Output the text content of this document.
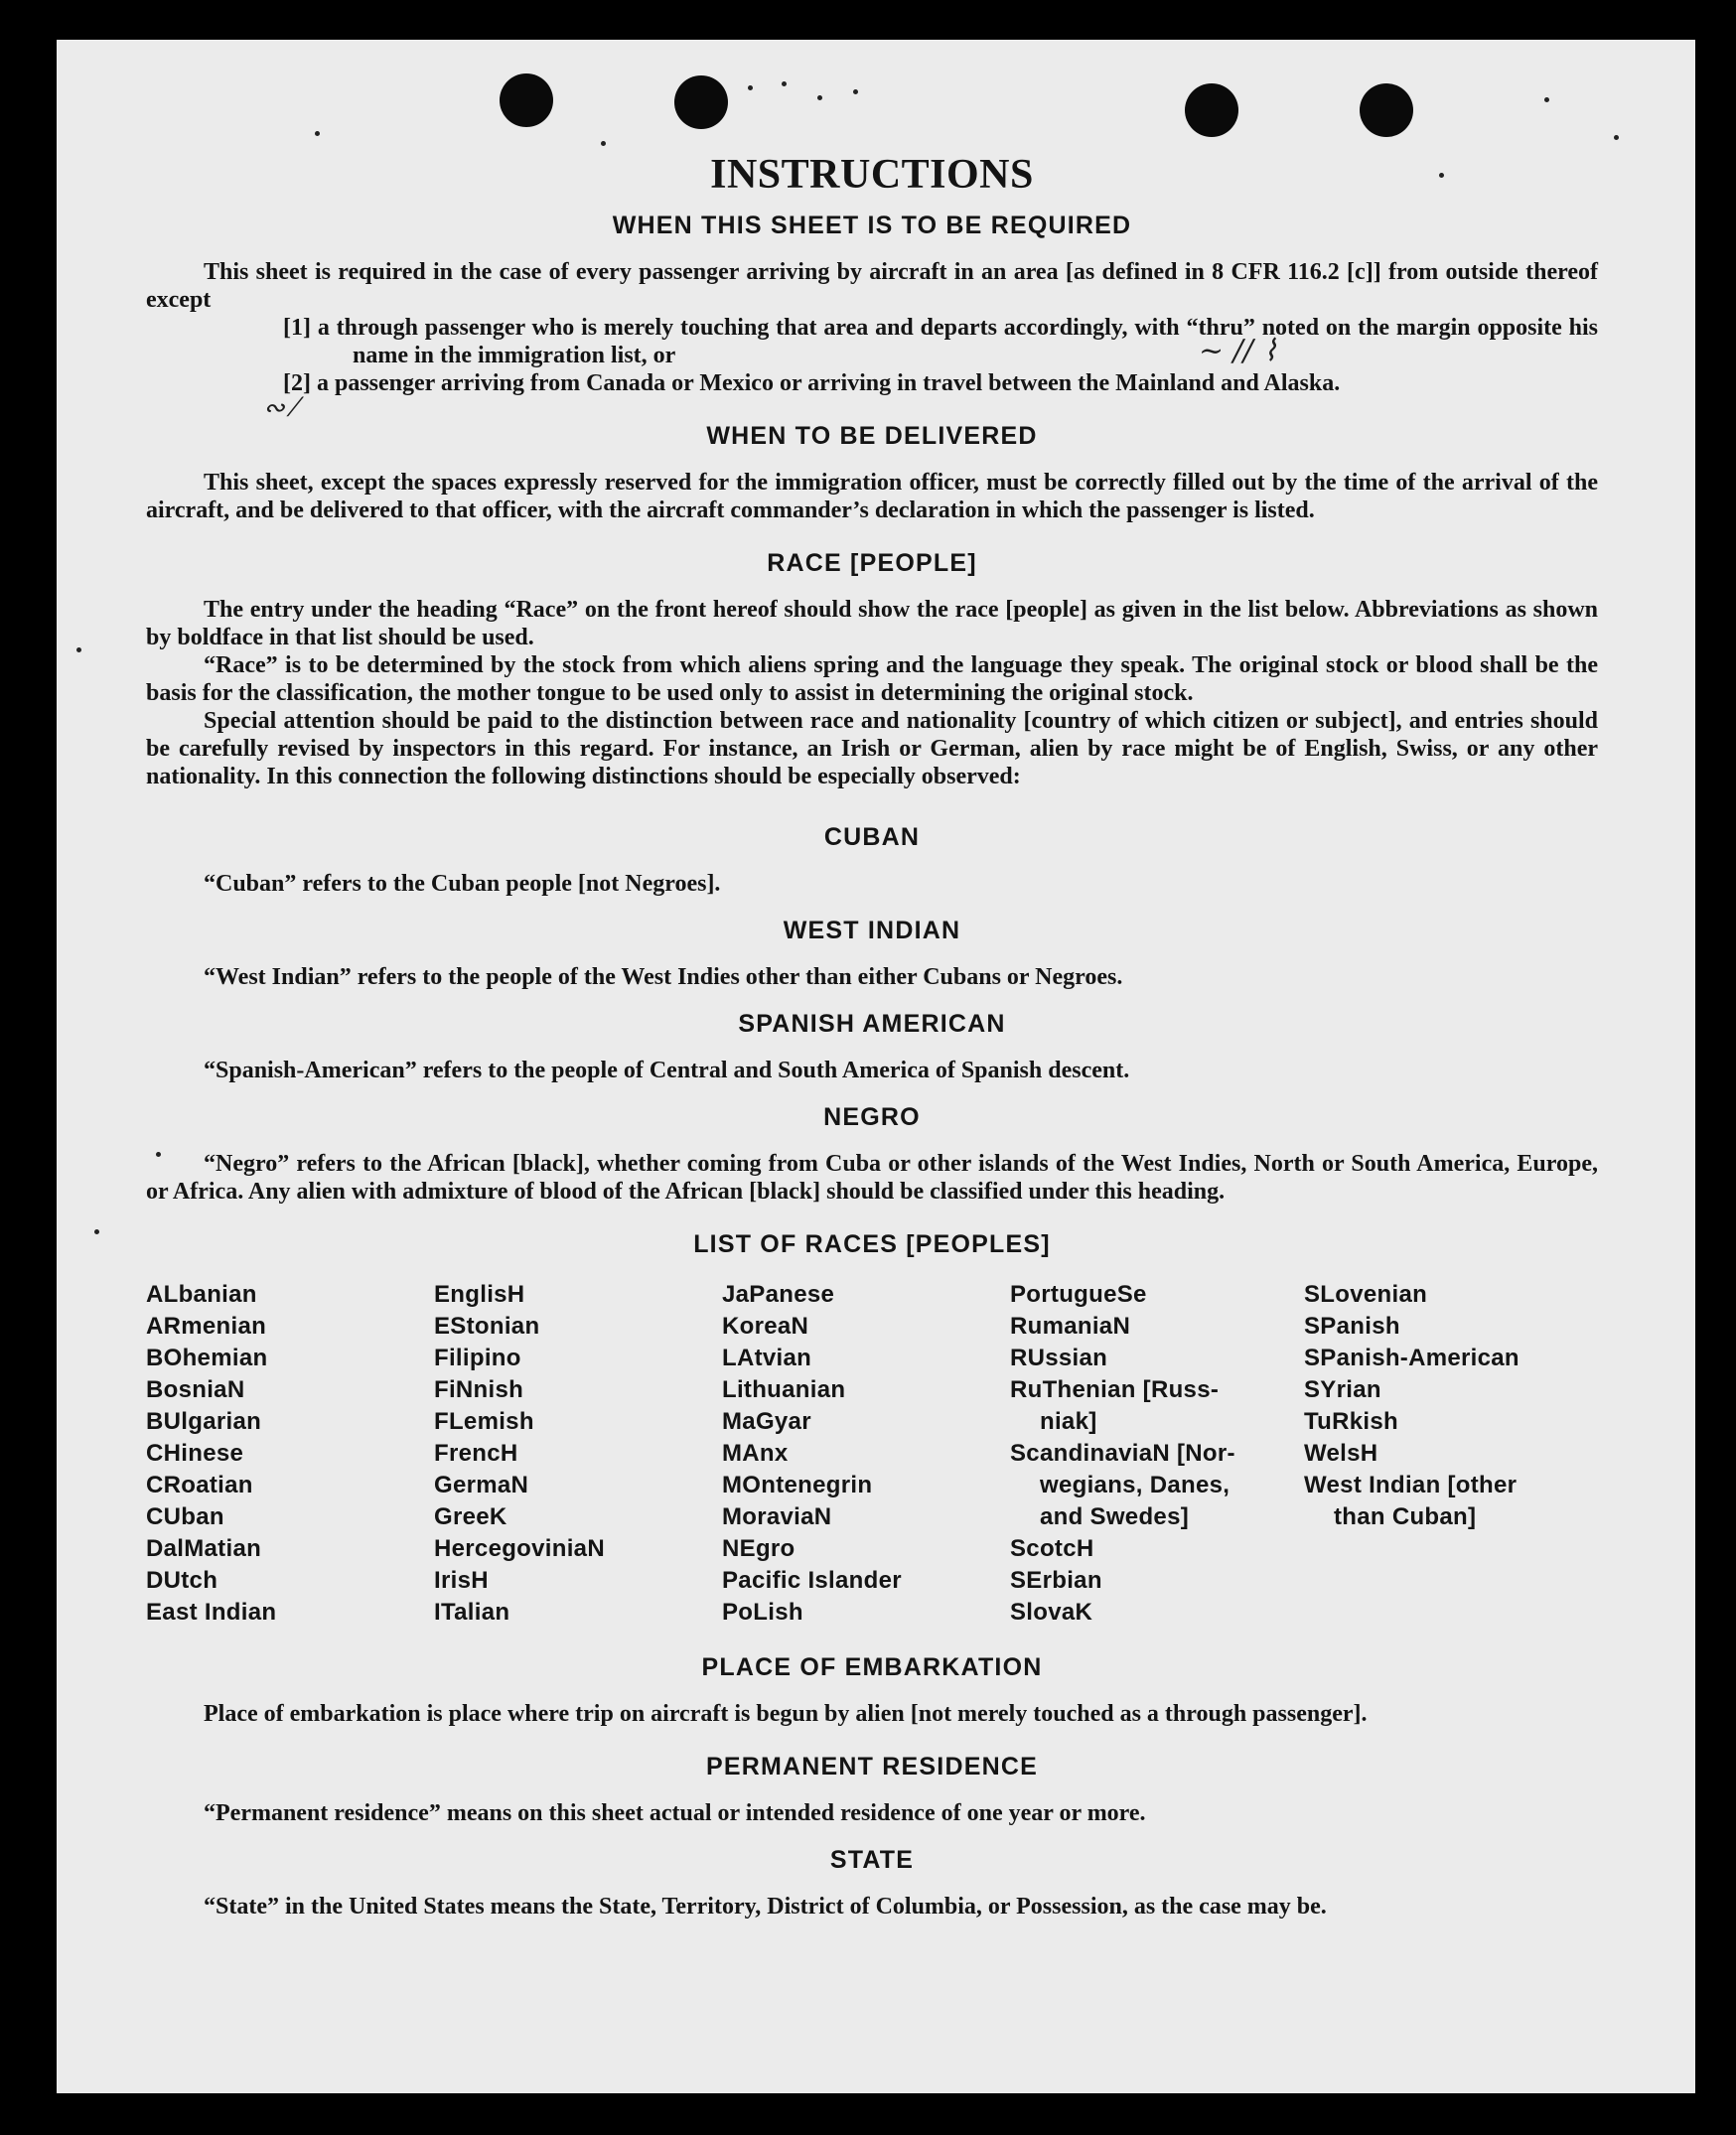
~ ∕∕ ⌇
∾ ⁄
INSTRUCTIONS
WHEN THIS SHEET IS TO BE REQUIRED

This sheet is required in the case of every passenger arriving by aircraft in an area [as defined in 8 CFR 116.2 [c]] from outside thereof except

[1] a through passenger who is merely touching that area and departs accordingly, with “thru” noted on the margin opposite his name in the immigration list, or

[2] a passenger arriving from Canada or Mexico or arriving in travel between the Mainland and Alaska.

WHEN TO BE DELIVERED

This sheet, except the spaces expressly reserved for the immigration officer, must be correctly filled out by the time of the arrival of the aircraft, and be delivered to that officer, with the aircraft commander’s declaration in which the passenger is listed.

RACE [PEOPLE]

The entry under the heading “Race” on the front hereof should show the race [people] as given in the list below. Abbreviations as shown by boldface in that list should be used.

“Race” is to be determined by the stock from which aliens spring and the language they speak. The original stock or blood shall be the basis for the classification, the mother tongue to be used only to assist in determining the original stock.

Special attention should be paid to the distinction between race and nationality [country of which citizen or subject], and entries should be carefully revised by inspectors in this regard. For instance, an Irish or German, alien by race might be of English, Swiss, or any other nationality. In this connection the following distinctions should be especially observed:

CUBAN

“Cuban” refers to the Cuban people [not Negroes].

WEST INDIAN

“West Indian” refers to the people of the West Indies other than either Cubans or Negroes.

SPANISH AMERICAN

“Spanish-American” refers to the people of Central and South America of Spanish descent.

NEGRO

“Negro” refers to the African [black], whether coming from Cuba or other islands of the West Indies, North or South America, Europe, or Africa. Any alien with admixture of blood of the African [black] should be classified under this heading.

LIST OF RACES [PEOPLES]
ALbanian
ARmenian
BOhemian
BosniaN
BUlgarian
CHinese
CRoatian
CUban
DalMatian
DUtch
East Indian
EnglisH
EStonian
Filipino
FiNnish
FLemish
FrencH
GermaN
GreeK
HercegoviniaN
IrisH
ITalian
JaPanese
KoreaN
LAtvian
Lithuanian
MaGyar
MAnx
MOntenegrin
MoraviaN
NEgro
Pacific Islander
PoLish
PortugueSe
RumaniaN
RUssian
RuThenian [Russ-
niak]
ScandinaviaN [Nor-
wegians, Danes,
and Swedes]
ScotcH
SErbian
SlovaK
SLovenian
SPanish
SPanish-American
SYrian
TuRkish
WelsH
West Indian [other
than Cuban]
PLACE OF EMBARKATION

Place of embarkation is place where trip on aircraft is begun by alien [not merely touched as a through passenger].

PERMANENT RESIDENCE

“Permanent residence” means on this sheet actual or intended residence of one year or more.

STATE

“State” in the United States means the State, Territory, District of Columbia, or Possession, as the case may be.
